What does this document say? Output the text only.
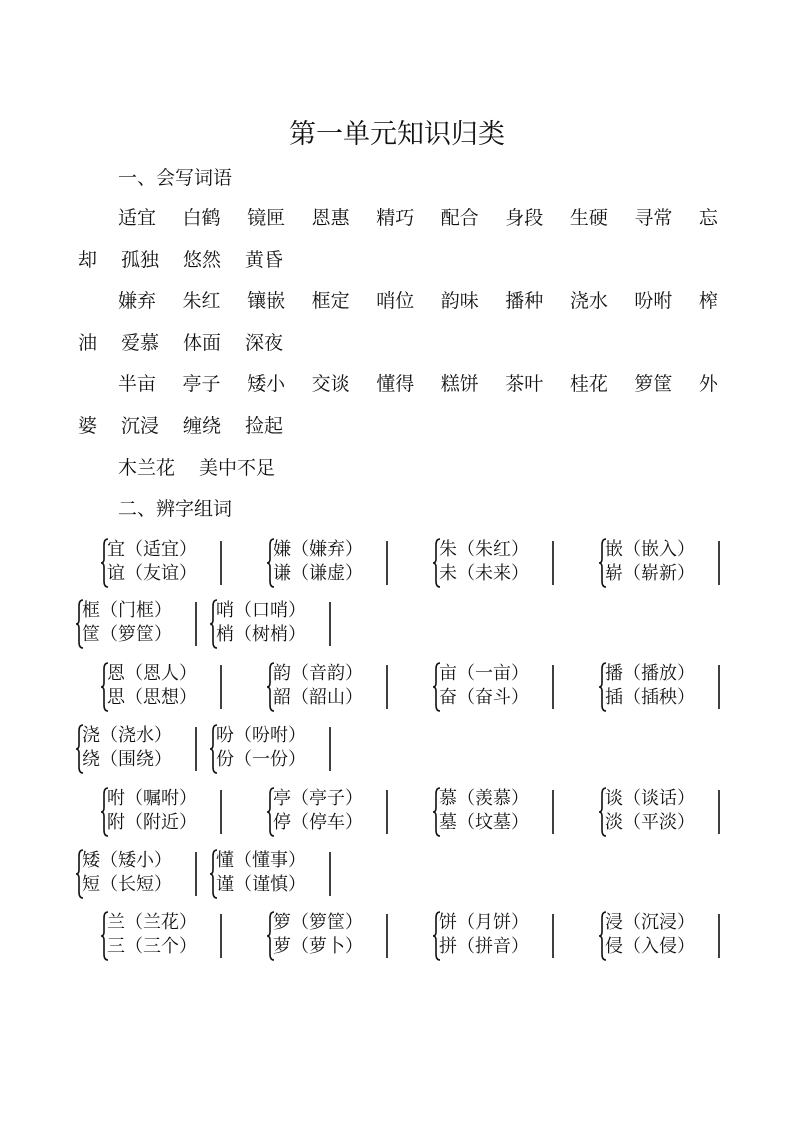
第一单元知识归类
一、会写词语
适宜 白鹤 镜匣 恩惠 精巧 配合 身段 生硬 寻常 忘
却 孤独 悠然 黄昏
嫌弃 朱红 镶嵌 框定 哨位 韵味 播种 浇水 吩咐 榨
油 爱慕 体面 深夜
半亩 亭子 矮小 交谈 懂得 糕饼 茶叶 桂花 箩筐 外
婆 沉浸 缠绕 捡起
木兰花 美中不足
二、辨字组词
宜（适宜）
谊（友谊）
嫌（嫌弃）
谦（谦虚）
朱（朱红）
未（未来）
嵌（嵌入）
崭（崭新）
框（门框）
筐（箩筐）
哨（口哨）
梢（树梢）
恩（恩人）
思（思想）
韵（音韵）
韶（韶山）
亩（一亩）
奋（奋斗）
播（播放）
插（插秧）
浇（浇水）
绕（围绕）
吩（吩咐）
份（一份）
咐（嘱咐）
附（附近）
亭（亭子）
停（停车）
慕（羡慕）
墓（坟墓）
谈（谈话）
淡（平淡）
矮（矮小）
短（长短）
懂（懂事）
谨（谨慎）
兰（兰花）
三（三个）
箩（箩筐）
萝（萝卜）
饼（月饼）
拼（拼音）
浸（沉浸）
侵（入侵）
